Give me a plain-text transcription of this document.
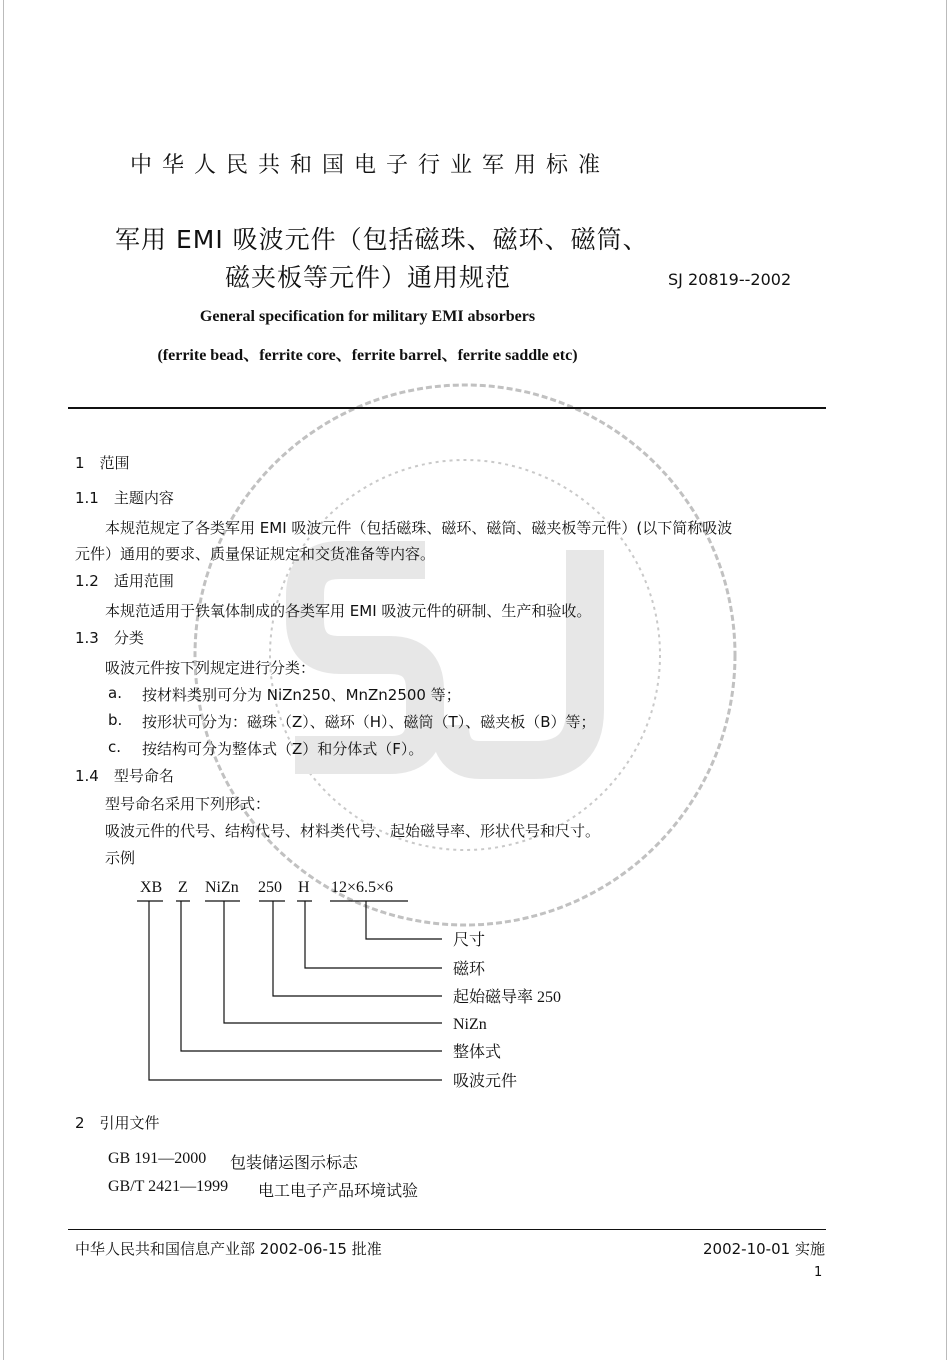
中华人民共和国电子行业军用标准
军用 EMI 吸波元件（包括磁珠、磁环、磁筒、
磁夹板等元件）通用规范	SJ 20819--2002
General specification for military EMI absorbers
(ferrite bead、ferrite core、ferrite barrel、ferrite saddle etc)
1　范围
1.1　主题内容
本规范规定了各类军用 EMI 吸波元件（包括磁珠、磁环、磁筒、磁夹板等元件）(以下简称吸波
元件）通用的要求、质量保证规定和交货准备等内容。
1.2　适用范围
本规范适用于铁氧体制成的各类军用 EMI 吸波元件的研制、生产和验收。
1.3　分类
吸波元件按下列规定进行分类：
a. 按材料类别可分为 NiZn250、MnZn2500 等；
b. 按形状可分为：磁珠（Z）、磁环（H）、磁筒（T）、磁夹板（B）等；
c. 按结构可分为整体式（Z）和分体式（F）。
1.4　型号命名
型号命名采用下列形式：
吸波元件的代号、结构代号、材料类代号、起始磁导率、形状代号和尺寸。
示例
XB Z NiZn 250 H 12×6.5×6
尺寸
磁环
起始磁导率 250
NiZn
整体式
吸波元件
2　引用文件
GB 191—2000 包装储运图示标志
GB/T 2421—1999 电工电子产品环境试验
中华人民共和国信息产业部 2002-06-15 批准	2002-10-01 实施
1
